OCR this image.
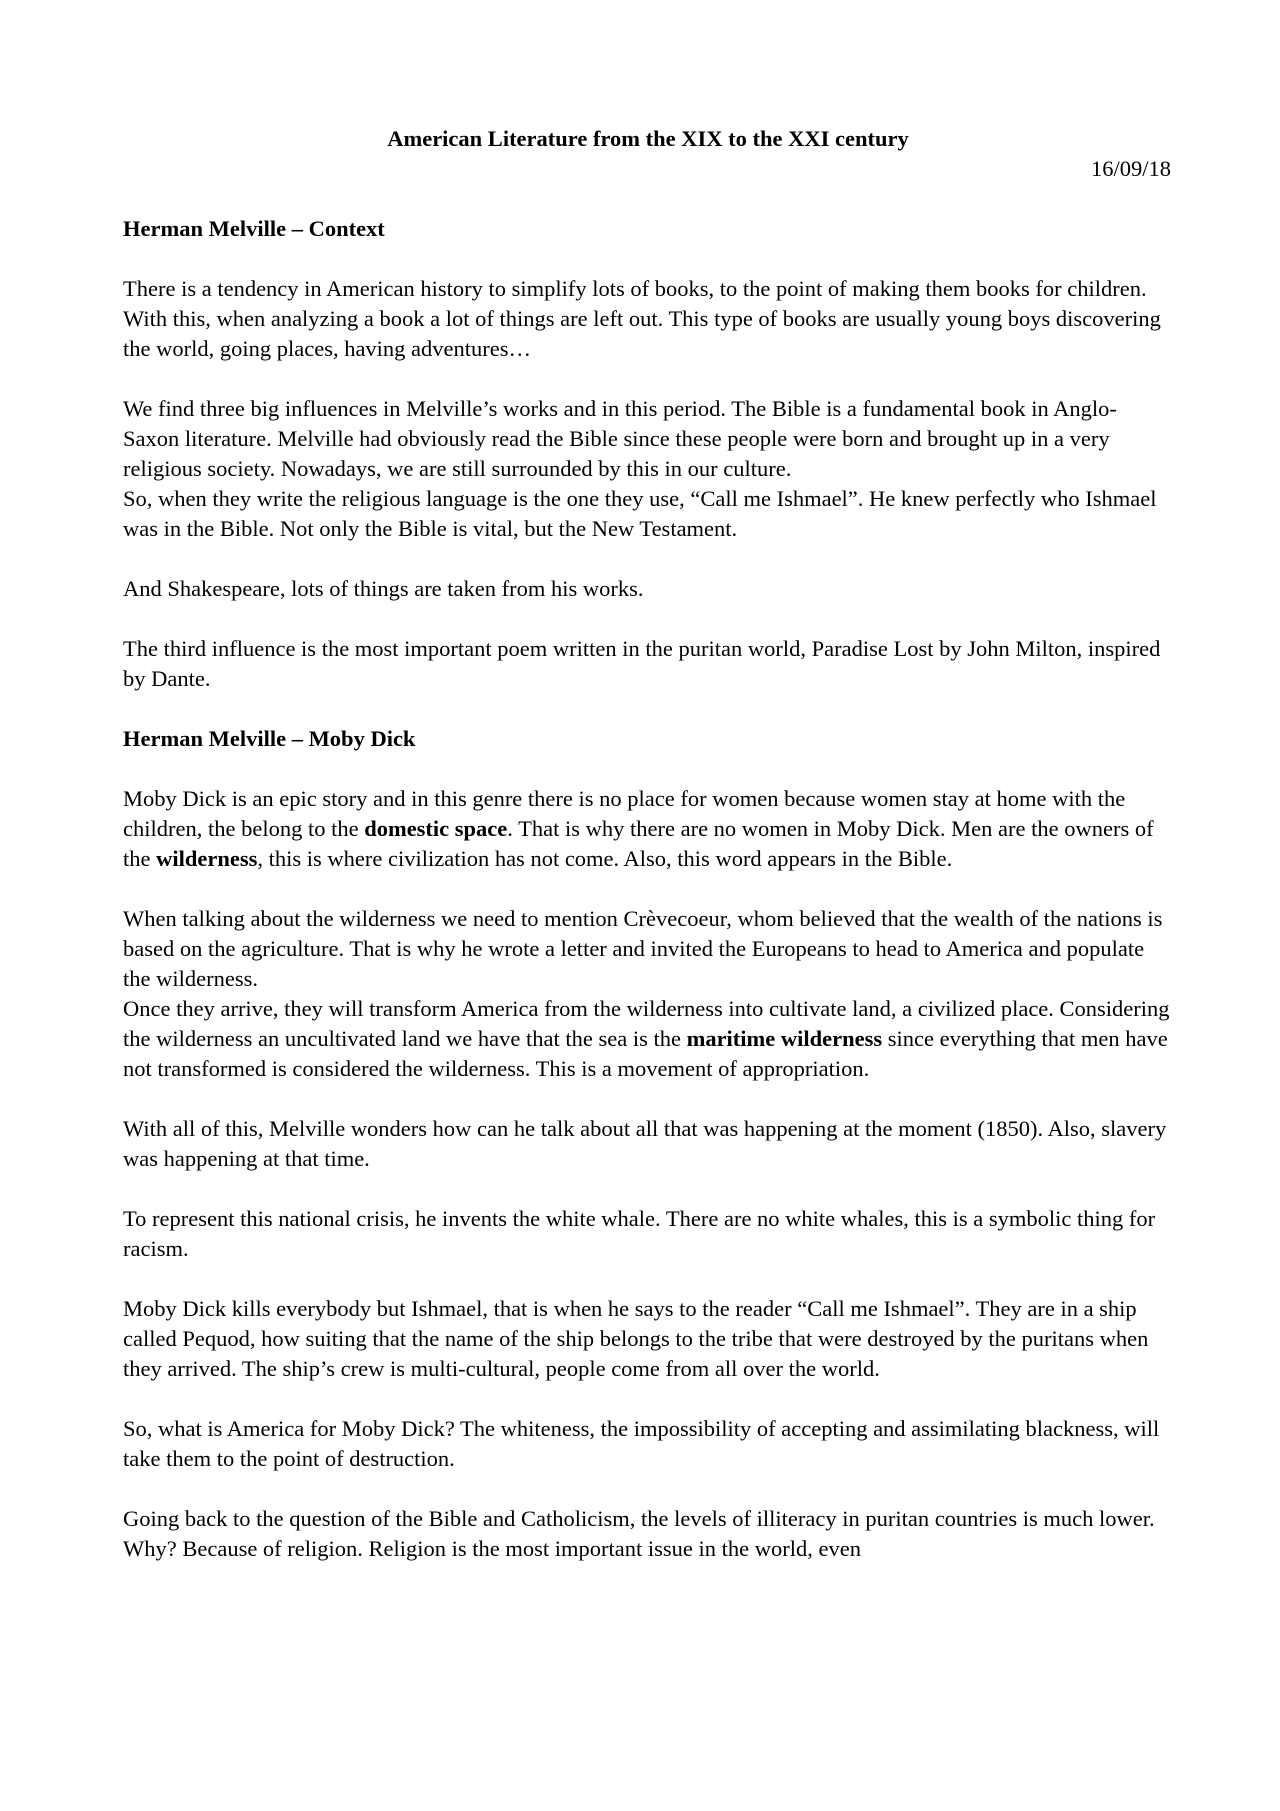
American Literature from the XIX to the XXI century
16/09/18
Herman Melville – Context

There is a tendency in American history to simplify lots of books, to the point of making them books for children. With this, when analyzing a book a lot of things are left out. This type of books are usually young boys discovering the world, going places, having adventures…

We find three big influences in Melville’s works and in this period. The Bible is a fundamental book in Anglo-Saxon literature. Melville had obviously read the Bible since these people were born and brought up in a very religious society. Nowadays, we are still surrounded by this in our culture.

So, when they write the religious language is the one they use, “Call me Ishmael”. He knew perfectly who Ishmael was in the Bible. Not only the Bible is vital, but the New Testament.

And Shakespeare, lots of things are taken from his works.

The third influence is the most important poem written in the puritan world, Paradise Lost by John Milton, inspired by Dante.

Herman Melville – Moby Dick

Moby Dick is an epic story and in this genre there is no place for women because women stay at home with the children, the belong to the domestic space. That is why there are no women in Moby Dick. Men are the owners of the wilderness, this is where civilization has not come. Also, this word appears in the Bible.

When talking about the wilderness we need to mention Crèvecoeur, whom believed that the wealth of the nations is based on the agriculture. That is why he wrote a letter and invited the Europeans to head to America and populate the wilderness.

Once they arrive, they will transform America from the wilderness into cultivate land, a civilized place. Considering the wilderness an uncultivated land we have that the sea is the maritime wilderness since everything that men have not transformed is considered the wilderness. This is a movement of appropriation.

With all of this, Melville wonders how can he talk about all that was happening at the moment (1850). Also, slavery was happening at that time.

To represent this national crisis, he invents the white whale. There are no white whales, this is a symbolic thing for racism.

Moby Dick kills everybody but Ishmael, that is when he says to the reader “Call me Ishmael”. They are in a ship called Pequod, how suiting that the name of the ship belongs to the tribe that were destroyed by the puritans when they arrived. The ship’s crew is multi-cultural, people come from all over the world.

So, what is America for Moby Dick? The whiteness, the impossibility of accepting and assimilating blackness, will take them to the point of destruction.

Going back to the question of the Bible and Catholicism, the levels of illiteracy in puritan countries is much lower. Why? Because of religion. Religion is the most important issue in the world, even
